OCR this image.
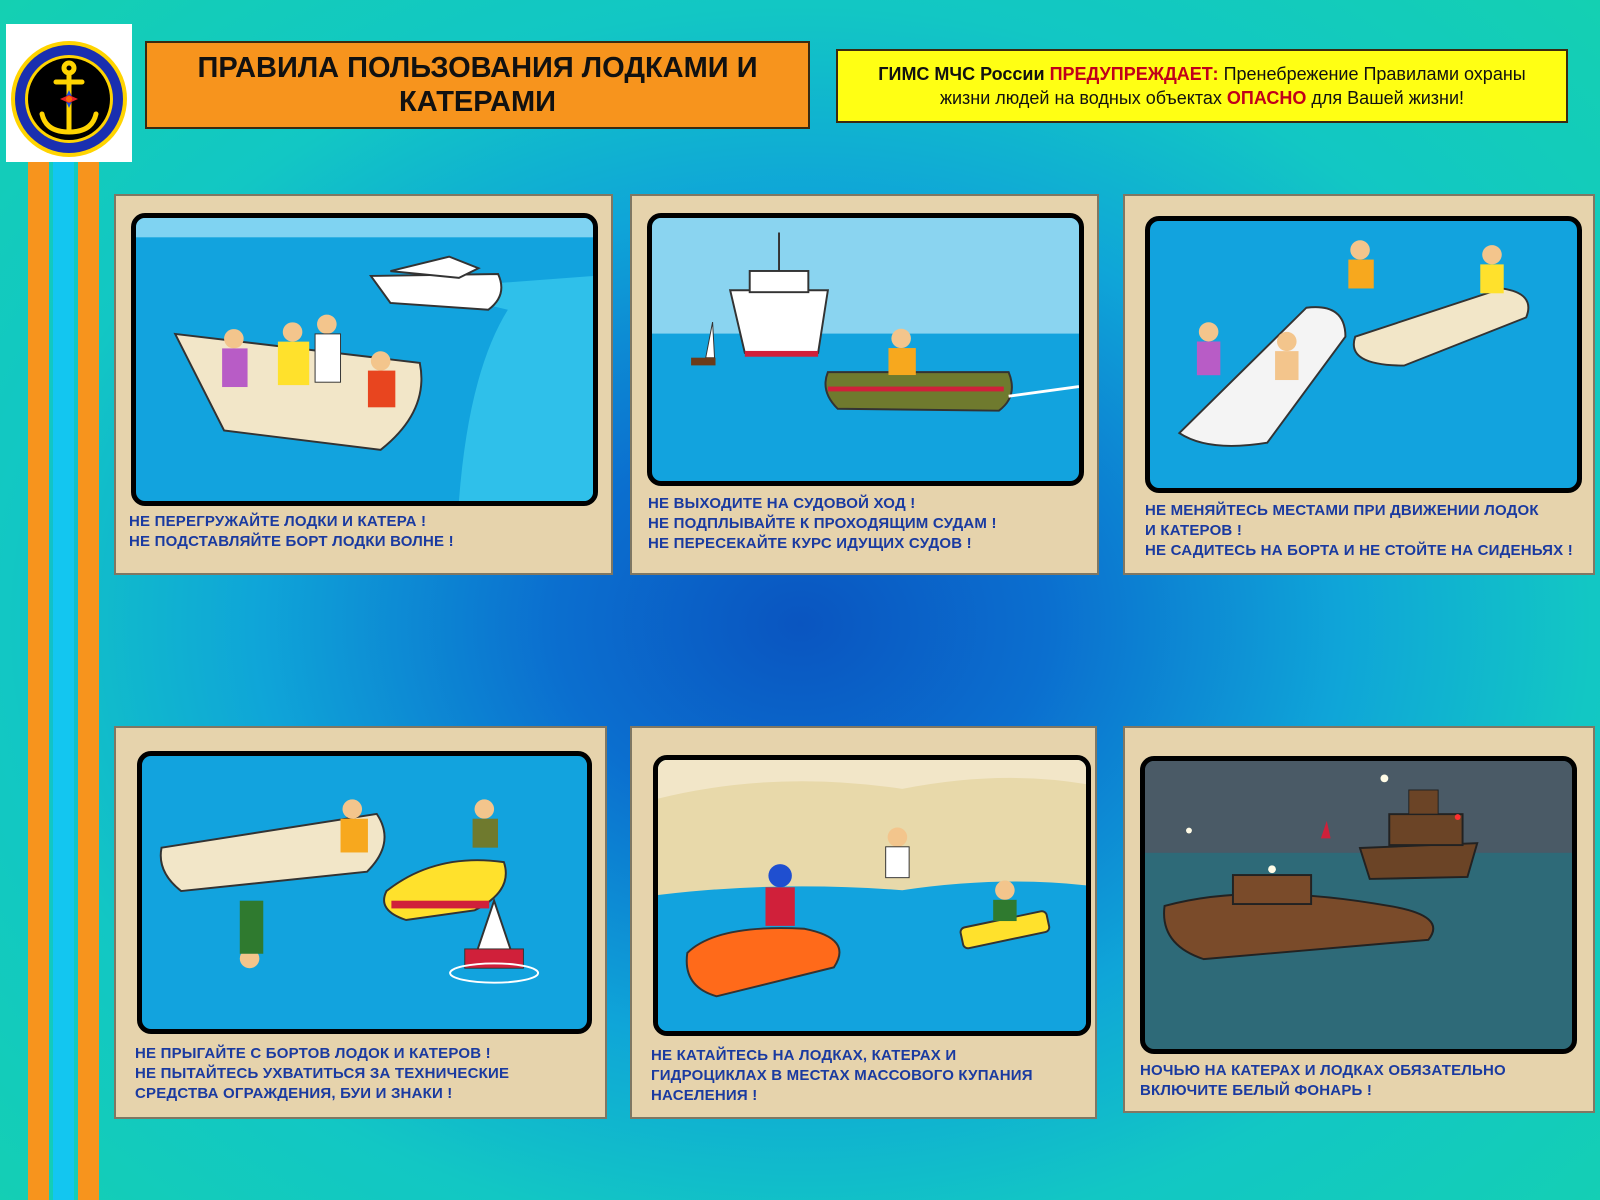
ПРАВИЛА ПОЛЬЗОВАНИЯ ЛОДКАМИ И КАТЕРАМИ
ГИМС МЧС России ПРЕДУПРЕЖДАЕТ: Пренебрежение Правилами охраны жизни людей на водных объектах ОПАСНО для Вашей жизни!
НЕ ПЕРЕГРУЖАЙТЕ ЛОДКИ И КАТЕРА !
НЕ ПОДСТАВЛЯЙТЕ БОРТ ЛОДКИ ВОЛНЕ !
НЕ ВЫХОДИТЕ НА СУДОВОЙ ХОД !
НЕ ПОДПЛЫВАЙТЕ К ПРОХОДЯЩИМ СУДАМ !
НЕ ПЕРЕСЕКАЙТЕ КУРС ИДУЩИХ СУДОВ !
НЕ МЕНЯЙТЕСЬ МЕСТАМИ ПРИ ДВИЖЕНИИ ЛОДОК
И КАТЕРОВ !
НЕ САДИТЕСЬ НА БОРТА И НЕ СТОЙТЕ НА СИДЕНЬЯХ !
НЕ ПРЫГАЙТЕ С БОРТОВ ЛОДОК И КАТЕРОВ !
НЕ ПЫТАЙТЕСЬ УХВАТИТЬСЯ ЗА ТЕХНИЧЕСКИЕ
СРЕДСТВА ОГРАЖДЕНИЯ, БУИ И ЗНАКИ !
НЕ КАТАЙТЕСЬ НА ЛОДКАХ, КАТЕРАХ И
ГИДРОЦИКЛАХ В МЕСТАХ МАССОВОГО КУПАНИЯ
НАСЕЛЕНИЯ !
НОЧЬЮ НА КАТЕРАХ И ЛОДКАХ ОБЯЗАТЕЛЬНО
ВКЛЮЧИТЕ БЕЛЫЙ ФОНАРЬ !
